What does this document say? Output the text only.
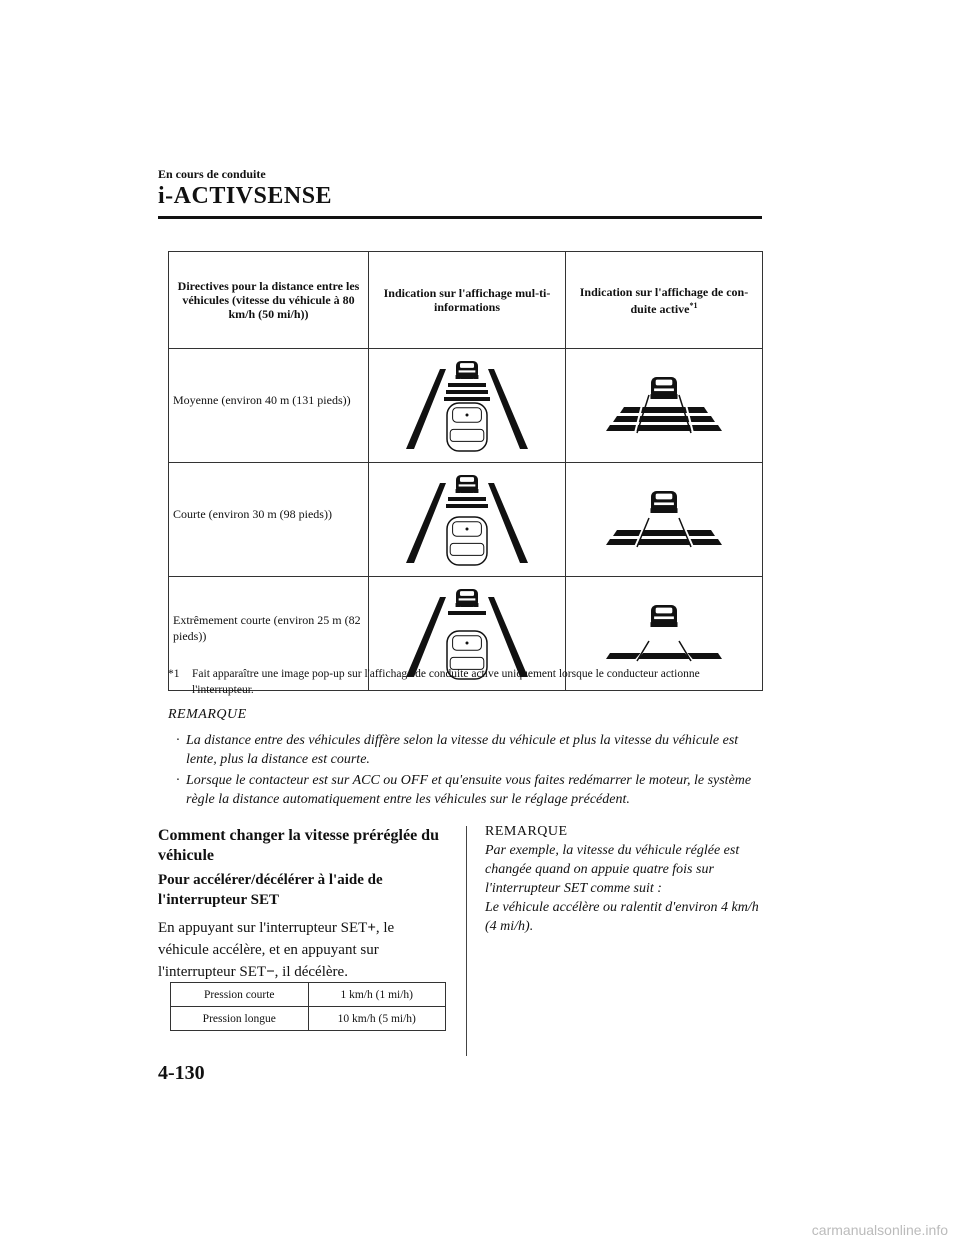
En cours de conduite
i-ACTIVSENSE
Directives pour la distance entre les véhicules (vitesse du véhicule à 80 km/h (50 mi/h))	Indication sur l'affichage mul-ti-informations	Indication sur l'affichage de con-duite active$^{*1}$
Moyenne (environ 40 m (131 pieds))	

Courte (environ 30 m (98 pieds))	

Extrêmement courte (environ 25 m (82 pieds))	

*1 Fait apparaître une image pop-up sur l'affichage de conduite active uniquement lorsque le conducteur actionne l'interrupteur.
REMARQUE
· La distance entre des véhicules diffère selon la vitesse du véhicule et plus la vitesse du véhicule est lente, plus la distance est courte.
· Lorsque le contacteur est sur ACC ou OFF et qu'ensuite vous faites redémarrer le moteur, le système règle la distance automatiquement entre les véhicules sur le réglage précédent.
Comment changer la vitesse préréglée du véhicule
Pour accélérer/décélérer à l'aide de l'interrupteur SET
En appuyant sur l'interrupteur SET+, le véhicule accélère, et en appuyant sur l'interrupteur SET−, il décélère.
Pression courte	1 km/h (1 mi/h)
Pression longue	10 km/h (5 mi/h)
REMARQUE
Par exemple, la vitesse du véhicule réglée est changée quand on appuie quatre fois sur l'interrupteur SET comme suit :
Le véhicule accélère ou ralentit d'environ 4 km/h (4 mi/h).
4-130
carmanualsonline.info
